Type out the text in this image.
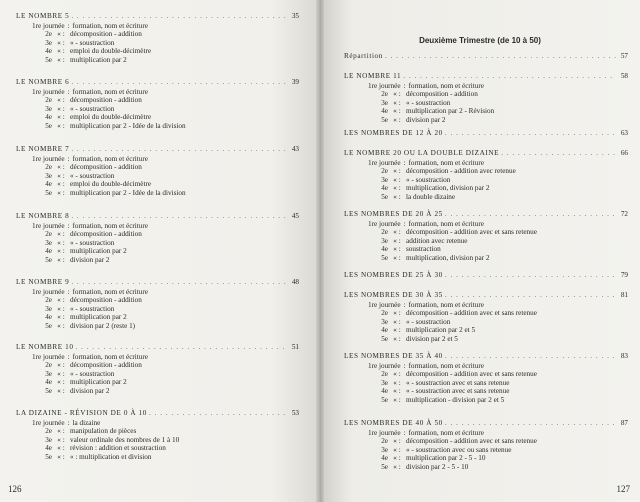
LE NOMBRE 5 . . .	35
1re journée : formation, nom et écriture
2e « : décomposition - addition
3e « : « - soustraction
4e « : emploi du double-décimètre
5e « : multiplication par 2
LE NOMBRE 6 . . .	39
1re journée : formation, nom et écriture
2e « : décomposition - addition
3e « : « - soustraction
4e « : emploi du double-décimètre
5e « : multiplication par 2 - Idée de la division
LE NOMBRE 7 . . .	43
1re journée : formation, nom et écriture
2e « : décomposition - addition
3e « : « - soustraction
4e « : emploi du double-décimètre
5e « : multiplication par 2 - Idée de la division
LE NOMBRE 8 . . .	45
1re journée : formation, nom et écriture
2e « : décomposition - addition
3e « : « - soustraction
4e « : multiplication par 2
5e « : division par 2
LE NOMBRE 9 . . .	48
1re journée : formation, nom et écriture
2e « : décomposition - addition
3e « : « - soustraction
4e « : multiplication par 2
5e « : division par 2 (reste 1)
LE NOMBRE 10 . . .	51
1re journée : formation, nom et écriture
2e « : décomposition - addition
3e « : « - soustraction
4e « : multiplication par 2
5e « : division par 2
LA DIZAINE - RÉVISION DE 0 À 10 . . .	53
1re journée : la dizaine
2e « : manipulation de pièces
3e « : valeur ordinale des nombres de 1 à 10
4e « : révision : addition et soustraction
5e « : « : multiplication et division
126
Deuxième Trimestre (de 10 à 50)
Répartition . . .	57
LE NOMBRE 11 . . .	58
1re journée : formation, nom et écriture
2e « : décomposition - addition
3e « : « - soustraction
4e « : multiplication par 2 - Révision
5e « : division par 2
LES NOMBRES DE 12 À 20 . . .	63
LE NOMBRE 20 OU LA DOUBLE DIZAINE . . .	66
1re journée : formation, nom et écriture
2e « : décomposition - addition avec retenue
3e « : « - soustraction
4e « : multiplication, division par 2
5e « : la double dizaine
LES NOMBRES DE 20 À 25 . . .	72
1re journée : formation, nom et écriture
2e « : décomposition - addition avec et sans retenue
3e « : addition avec retenue
4e « : soustraction
5e « : multiplication, division par 2
LES NOMBRES DE 25 À 30 . . .	79
LES NOMBRES DE 30 À 35 . . .	81
1re journée : formation, nom et écriture
2e « : décomposition - addition avec et sans retenue
3e « : « - soustraction
4e « : multiplication par 2 et 5
5e « : division par 2 et 5
LES NOMBRES DE 35 À 40 . . .	83
1re journée : formation, nom et écriture
2e « : décomposition - addition avec et sans retenue
3e « : « - soustraction avec et sans retenue
4e « : « - soustraction avec et sans retenue
5e « : multiplication - division par 2 et 5
LES NOMBRES DE 40 À 50 . . .	87
1re journée : formation, nom et écriture
2e « : décomposition - addition avec et sans retenue
3e « : « - soustraction avec ou sans retenue
4e « : multiplication par 2 - 5 - 10
5e « : division par 2 - 5 - 10
127
